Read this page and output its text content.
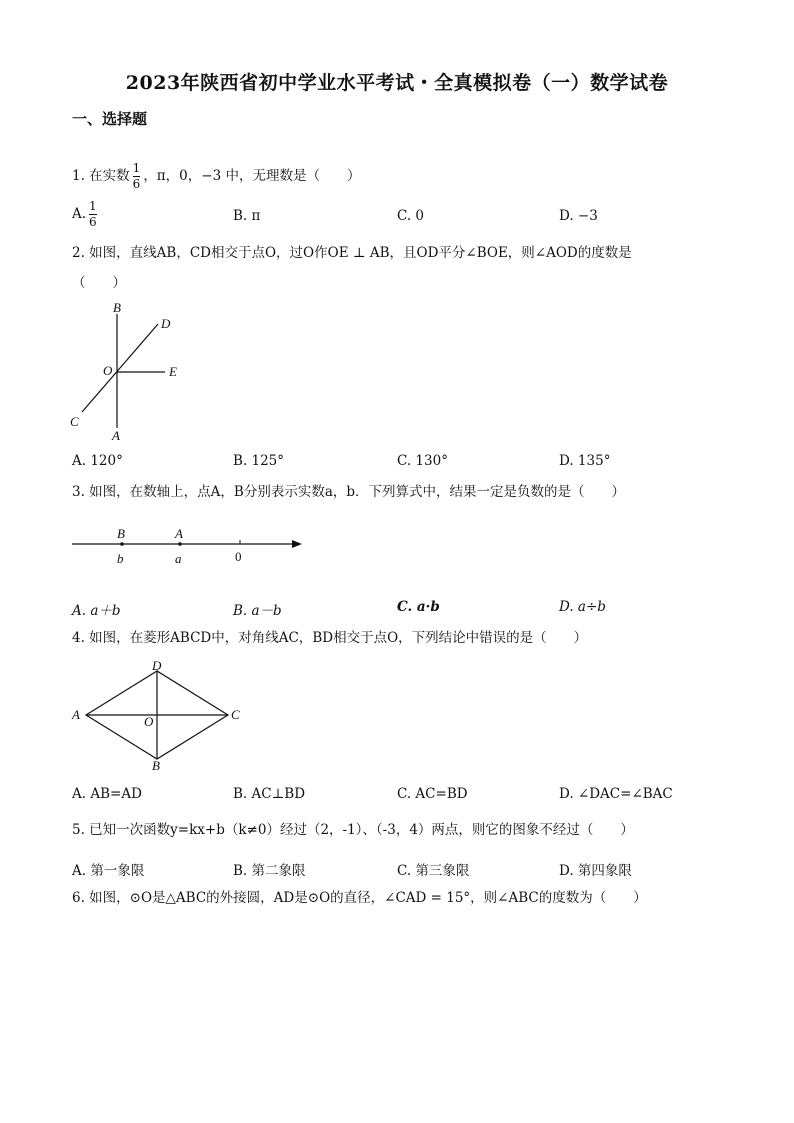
2023年陕西省初中学业水平考试・全真模拟卷（一）数学试卷
一、选择题
1. 在实数 $\frac{1}{6}$ ，π，0，−3 中，无理数是（　　）
A. $\frac{1}{6}$	B. π	C. 0	D. −3
2. 如图，直线AB，CD相交于点O，过O作OE ⊥ AB，且OD平分∠BOE，则∠AOD的度数是
（　　）
B
D
O	E
C
A
A. 120°	B. 125°	C. 130°	D. 135°
3. 如图，在数轴上，点A，B分别表示实数a，b．下列算式中，结果一定是负数的是（　　）
B	A
b	a	0
A. a＋b	B. a－b	C. a·b	D. a÷b
4. 如图，在菱形ABCD中，对角线AC，BD相交于点O，下列结论中错误的是（　　）
D
A	O	C
B
A. AB=AD	B. AC⊥BD	C. AC=BD	D. ∠DAC=∠BAC
5. 已知一次函数y=kx+b（k≠0）经过（2，-1）、（-3，4）两点，则它的图象不经过（　　）
A. 第一象限	B. 第二象限	C. 第三象限	D. 第四象限
6. 如图，⊙O是△ABC的外接圆，AD是⊙O的直径，∠CAD = 15°，则∠ABC的度数为（　　）
